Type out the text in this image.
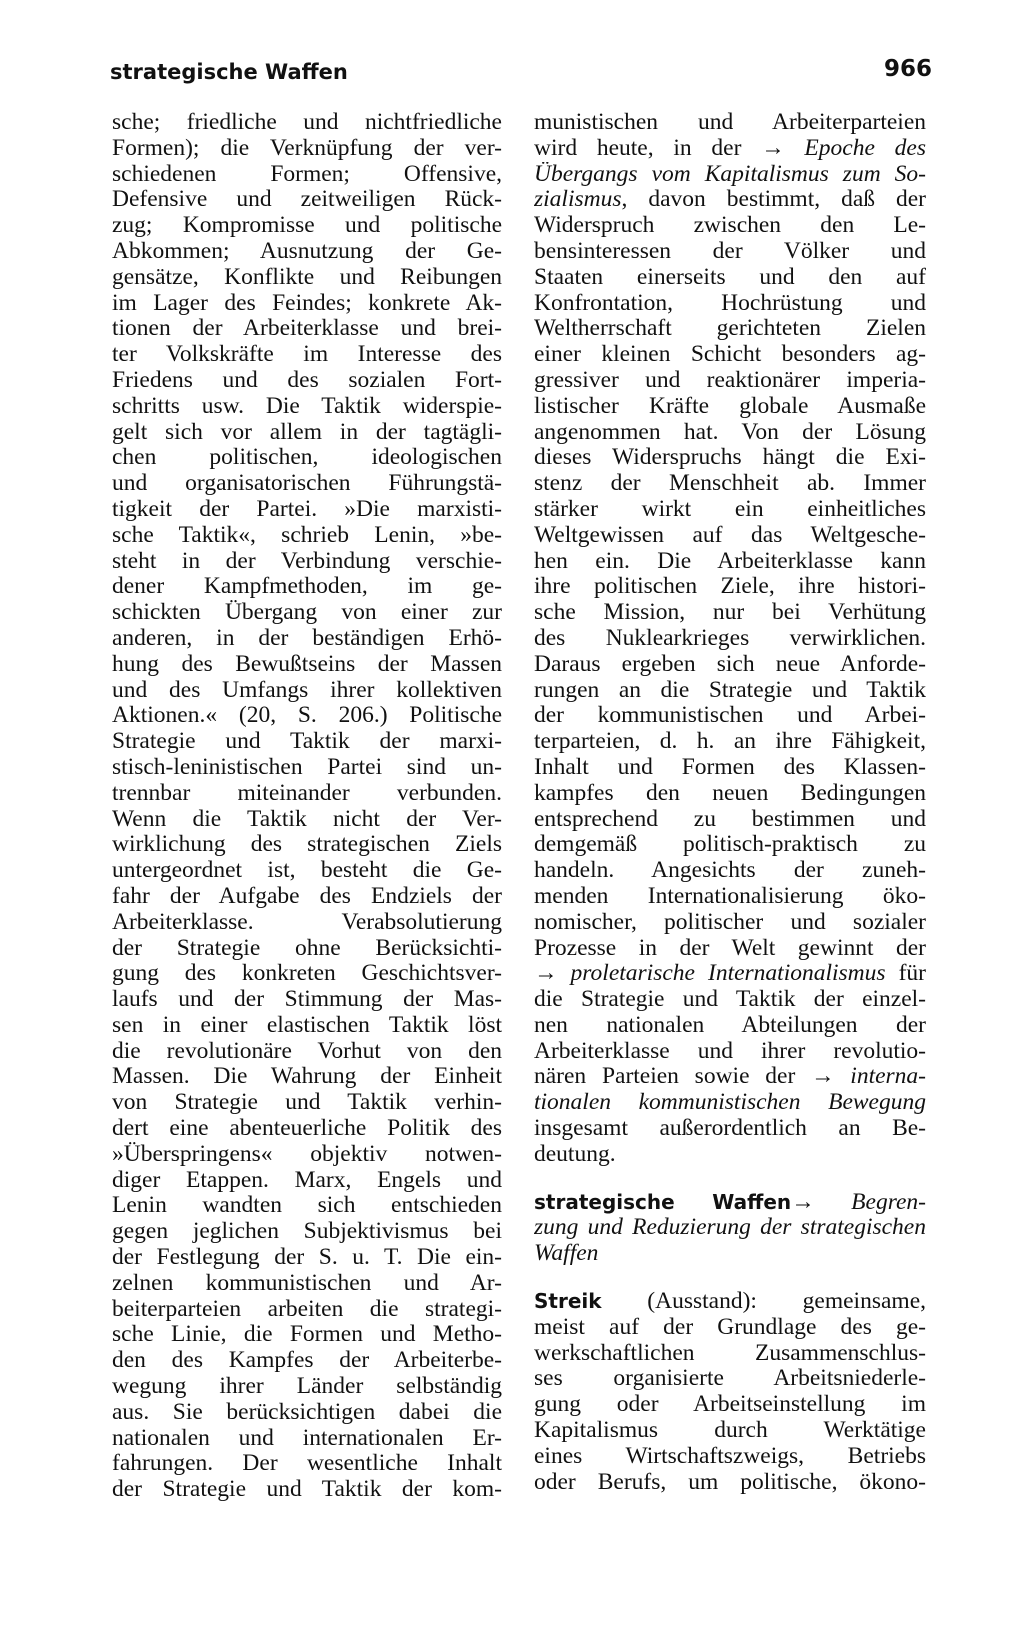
strategische Waffen	966
sche; friedliche und nichtfriedliche
Formen); die Verknüpfung der ver-
schiedenen Formen; Offensive,
Defensive und zeitweiligen Rück-
zug; Kompromisse und politische
Abkommen; Ausnutzung der Ge-
gensätze, Konflikte und Reibungen
im Lager des Feindes; konkrete Ak-
tionen der Arbeiterklasse und brei-
ter Volkskräfte im Interesse des
Friedens und des sozialen Fort-
schritts usw. Die Taktik widerspie-
gelt sich vor allem in der tagtägli-
chen politischen, ideologischen
und organisatorischen Führungstä-
tigkeit der Partei. »Die marxisti-
sche Taktik«, schrieb Lenin, »be-
steht in der Verbindung verschie-
dener Kampfmethoden, im ge-
schickten Übergang von einer zur
anderen, in der beständigen Erhö-
hung des Bewußtseins der Massen
und des Umfangs ihrer kollektiven
Aktionen.« (20, S. 206.) Politische
Strategie und Taktik der marxi-
stisch-leninistischen Partei sind un-
trennbar miteinander verbunden.
Wenn die Taktik nicht der Ver-
wirklichung des strategischen Ziels
untergeordnet ist, besteht die Ge-
fahr der Aufgabe des Endziels der
Arbeiterklasse. Verabsolutierung
der Strategie ohne Berücksichti-
gung des konkreten Geschichtsver-
laufs und der Stimmung der Mas-
sen in einer elastischen Taktik löst
die revolutionäre Vorhut von den
Massen. Die Wahrung der Einheit
von Strategie und Taktik verhin-
dert eine abenteuerliche Politik des
»Überspringens« objektiv notwen-
diger Etappen. Marx, Engels und
Lenin wandten sich entschieden
gegen jeglichen Subjektivismus bei
der Festlegung der S. u. T. Die ein-
zelnen kommunistischen und Ar-
beiterparteien arbeiten die strategi-
sche Linie, die Formen und Metho-
den des Kampfes der Arbeiterbe-
wegung ihrer Länder selbständig
aus. Sie berücksichtigen dabei die
nationalen und internationalen Er-
fahrungen. Der wesentliche Inhalt
der Strategie und Taktik der kom-
munistischen und Arbeiterparteien
wird heute, in der → Epoche des
Übergangs vom Kapitalismus zum So-
zialismus, davon bestimmt, daß der
Widerspruch zwischen den Le-
bensinteressen der Völker und
Staaten einerseits und den auf
Konfrontation, Hochrüstung und
Weltherrschaft gerichteten Zielen
einer kleinen Schicht besonders ag-
gressiver und reaktionärer imperia-
listischer Kräfte globale Ausmaße
angenommen hat. Von der Lösung
dieses Widerspruchs hängt die Exi-
stenz der Menschheit ab. Immer
stärker wirkt ein einheitliches
Weltgewissen auf das Weltgesche-
hen ein. Die Arbeiterklasse kann
ihre politischen Ziele, ihre histori-
sche Mission, nur bei Verhütung
des Nuklearkrieges verwirklichen.
Daraus ergeben sich neue Anforde-
rungen an die Strategie und Taktik
der kommunistischen und Arbei-
terparteien, d. h. an ihre Fähigkeit,
Inhalt und Formen des Klassen-
kampfes den neuen Bedingungen
entsprechend zu bestimmen und
demgemäß politisch-praktisch zu
handeln. Angesichts der zuneh-
menden Internationalisierung öko-
nomischer, politischer und sozialer
Prozesse in der Welt gewinnt der
→ proletarische Internationalismus für
die Strategie und Taktik der einzel-
nen nationalen Abteilungen der
Arbeiterklasse und ihrer revolutio-
nären Parteien sowie der → interna-
tionalen kommunistischen Bewegung
insgesamt außerordentlich an Be-
deutung.
strategische Waffen→ Begren-
zung und Reduzierung der strategischen
Waffen
Streik (Ausstand): gemeinsame,
meist auf der Grundlage des ge-
werkschaftlichen Zusammenschlus-
ses organisierte Arbeitsniederle-
gung oder Arbeitseinstellung im
Kapitalismus durch Werktätige
eines Wirtschaftszweigs, Betriebs
oder Berufs, um politische, ökono-
